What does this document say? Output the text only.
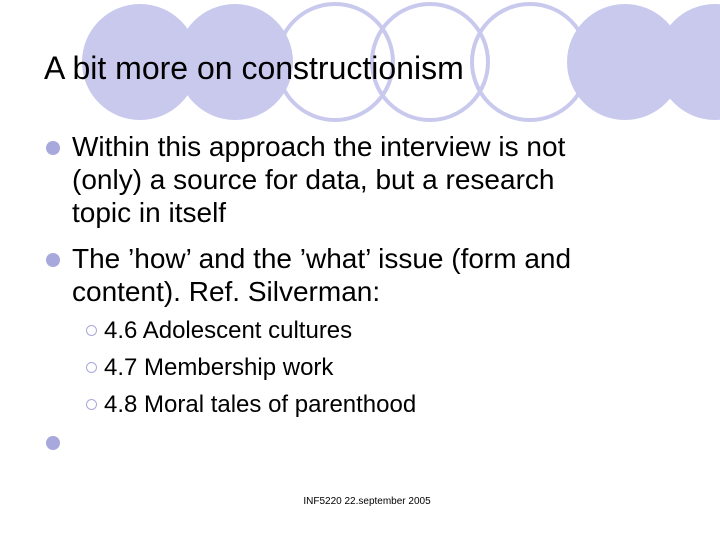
A bit more on constructionism
Within this approach the interview is not
(only) a source for data, but a research
topic in itself
The ’how’ and the ’what’ issue (form and
content). Ref. Silverman:
4.6 Adolescent cultures
4.7 Membership work
4.8 Moral tales of parenthood
INF5220 22.september 2005
